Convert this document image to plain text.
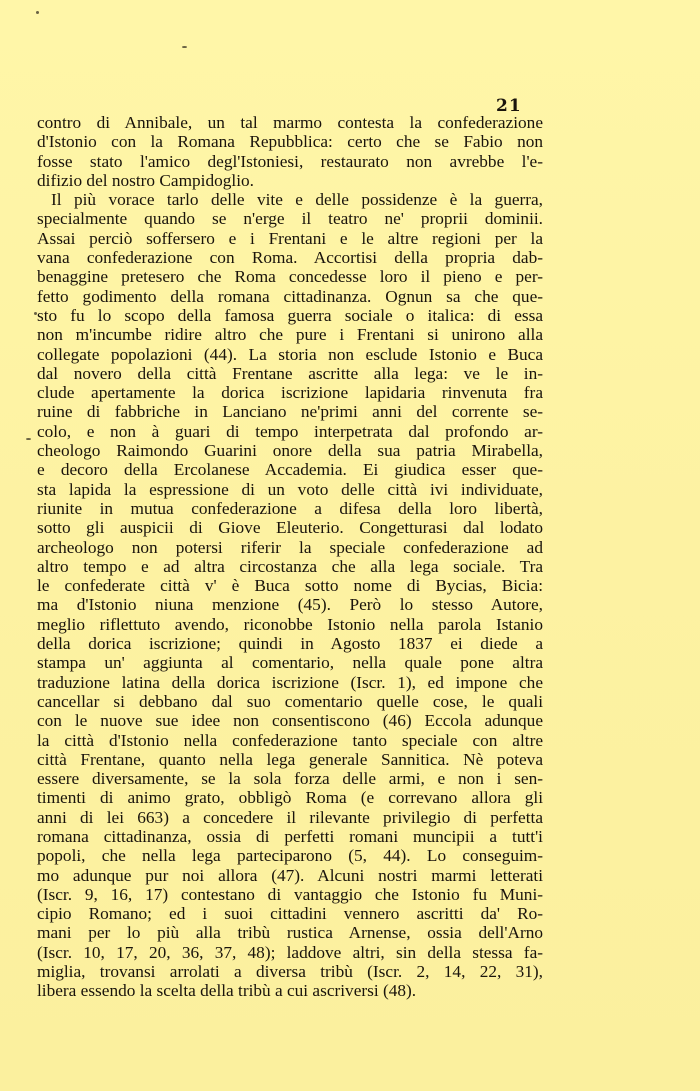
21
contro di Annibale, un tal marmo contesta la confederazione
d'Istonio con la Romana Repubblica: certo che se Fabio non
fosse stato l'amico degl'Istoniesi, restaurato non avrebbe l'e-
difizio del nostro Campidoglio.
Il più vorace tarlo delle vite e delle possidenze è la guerra,
specialmente quando se n'erge il teatro ne' proprii dominii.
Assai perciò soffersero e i Frentani e le altre regioni per la
vana confederazione con Roma. Accortisi della propria dab-
benaggine pretesero che Roma concedesse loro il pieno e per-
fetto godimento della romana cittadinanza. Ognun sa che que-
sto fu lo scopo della famosa guerra sociale o italica: di essa
non m'incumbe ridire altro che pure i Frentani si unirono alla
collegate popolazioni (44). La storia non esclude Istonio e Buca
dal novero della città Frentane ascritte alla lega: ve le in-
clude apertamente la dorica iscrizione lapidaria rinvenuta fra
ruine di fabbriche in Lanciano ne'primi anni del corrente se-
colo, e non à guari di tempo interpetrata dal profondo ar-
cheologo Raimondo Guarini onore della sua patria Mirabella,
e decoro della Ercolanese Accademia. Ei giudica esser que-
sta lapida la espressione di un voto delle città ivi individuate,
riunite in mutua confederazione a difesa della loro libertà,
sotto gli auspicii di Giove Eleuterio. Congetturasi dal lodato
archeologo non potersi riferir la speciale confederazione ad
altro tempo e ad altra circostanza che alla lega sociale. Tra
le confederate città v' è Buca sotto nome di Bycias, Bicia:
ma d'Istonio niuna menzione (45). Però lo stesso Autore,
meglio riflettuto avendo, riconobbe Istonio nella parola Istanio
della dorica iscrizione; quindi in Agosto 1837 ei diede a
stampa un' aggiunta al comentario, nella quale pone altra
traduzione latina della dorica iscrizione (Iscr. 1), ed impone che
cancellar si debbano dal suo comentario quelle cose, le quali
con le nuove sue idee non consentiscono (46) Eccola adunque
la città d'Istonio nella confederazione tanto speciale con altre
città Frentane, quanto nella lega generale Sannitica. Nè poteva
essere diversamente, se la sola forza delle armi, e non i sen-
timenti di animo grato, obbligò Roma (e correvano allora gli
anni di lei 663) a concedere il rilevante privilegio di perfetta
romana cittadinanza, ossia di perfetti romani muncipii a tutt'i
popoli, che nella lega parteciparono (5, 44). Lo conseguim-
mo adunque pur noi allora (47). Alcuni nostri marmi letterati
(Iscr. 9, 16, 17) contestano di vantaggio che Istonio fu Muni-
cipio Romano; ed i suoi cittadini vennero ascritti da' Ro-
mani per lo più alla tribù rustica Arnense, ossia dell'Arno
(Iscr. 10, 17, 20, 36, 37, 48); laddove altri, sin della stessa fa-
miglia, trovansi arrolati a diversa tribù (Iscr. 2, 14, 22, 31),
libera essendo la scelta della tribù a cui ascriversi (48).
